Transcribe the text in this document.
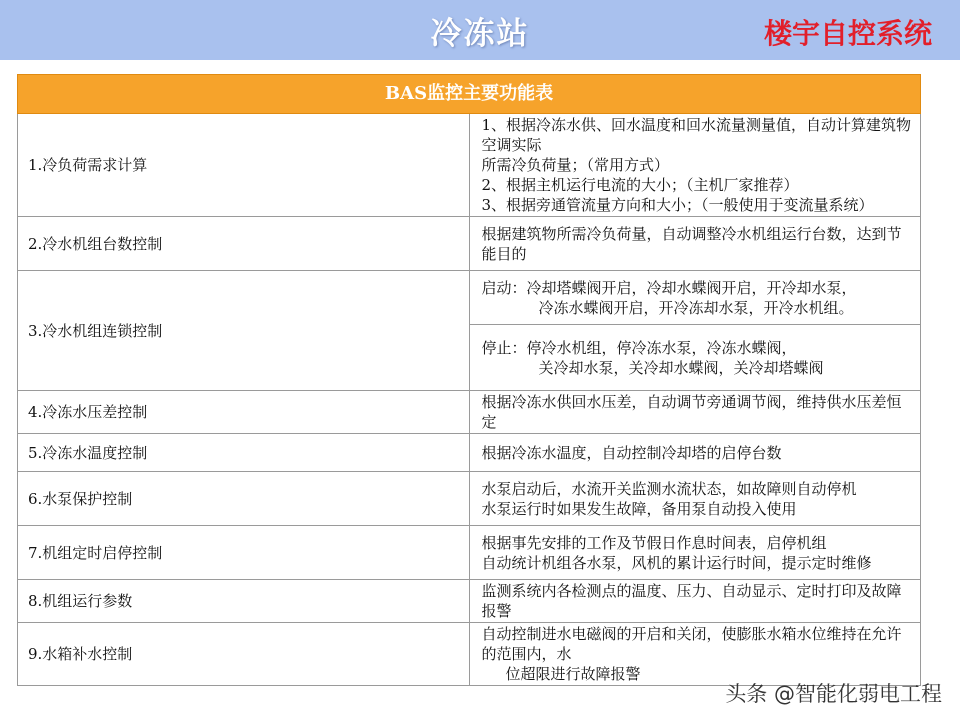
冷冻站	楼宇自控系统
BAS监控主要功能表	
1.冷负荷需求计算	1、根据冷冻水供、回水温度和回水流量测量值，自动计算建筑物空调实际
所需冷负荷量；（常用方式）
2、根据主机运行电流的大小；（主机厂家推荐）
3、根据旁通管流量方向和大小；（一般使用于变流量系统）

2.冷水机组台数控制	根据建筑物所需冷负荷量，自动调整冷水机组运行台数，达到节能目的

3.冷水机组连锁控制	启动：冷却塔蝶阀开启，冷却水蝶阀开启，开冷却水泵，
冷冻水蝶阀开启，开冷冻却水泵，开冷水机组。

	停止：停冷水机组，停冷冻水泵，冷冻水蝶阀，
关冷却水泵，关冷却水蝶阀，关冷却塔蝶阀

4.冷冻水压差控制	根据冷冻水供回水压差，自动调节旁通调节阀，维持供水压差恒定

5.冷冻水温度控制	根据冷冻水温度，自动控制冷却塔的启停台数

6.水泵保护控制	水泵启动后，水流开关监测水流状态，如故障则自动停机
水泵运行时如果发生故障，备用泵自动投入使用

7.机组定时启停控制	根据事先安排的工作及节假日作息时间表，启停机组
自动统计机组各水泵，风机的累计运行时间，提示定时维修

8.机组运行参数	监测系统内各检测点的温度、压力、自动显示、定时打印及故障报警

9.水箱补水控制	自动控制进水电磁阀的开启和关闭，使膨胀水箱水位维持在允许的范围内，水
位超限进行故障报警
头条 @智能化弱电工程
